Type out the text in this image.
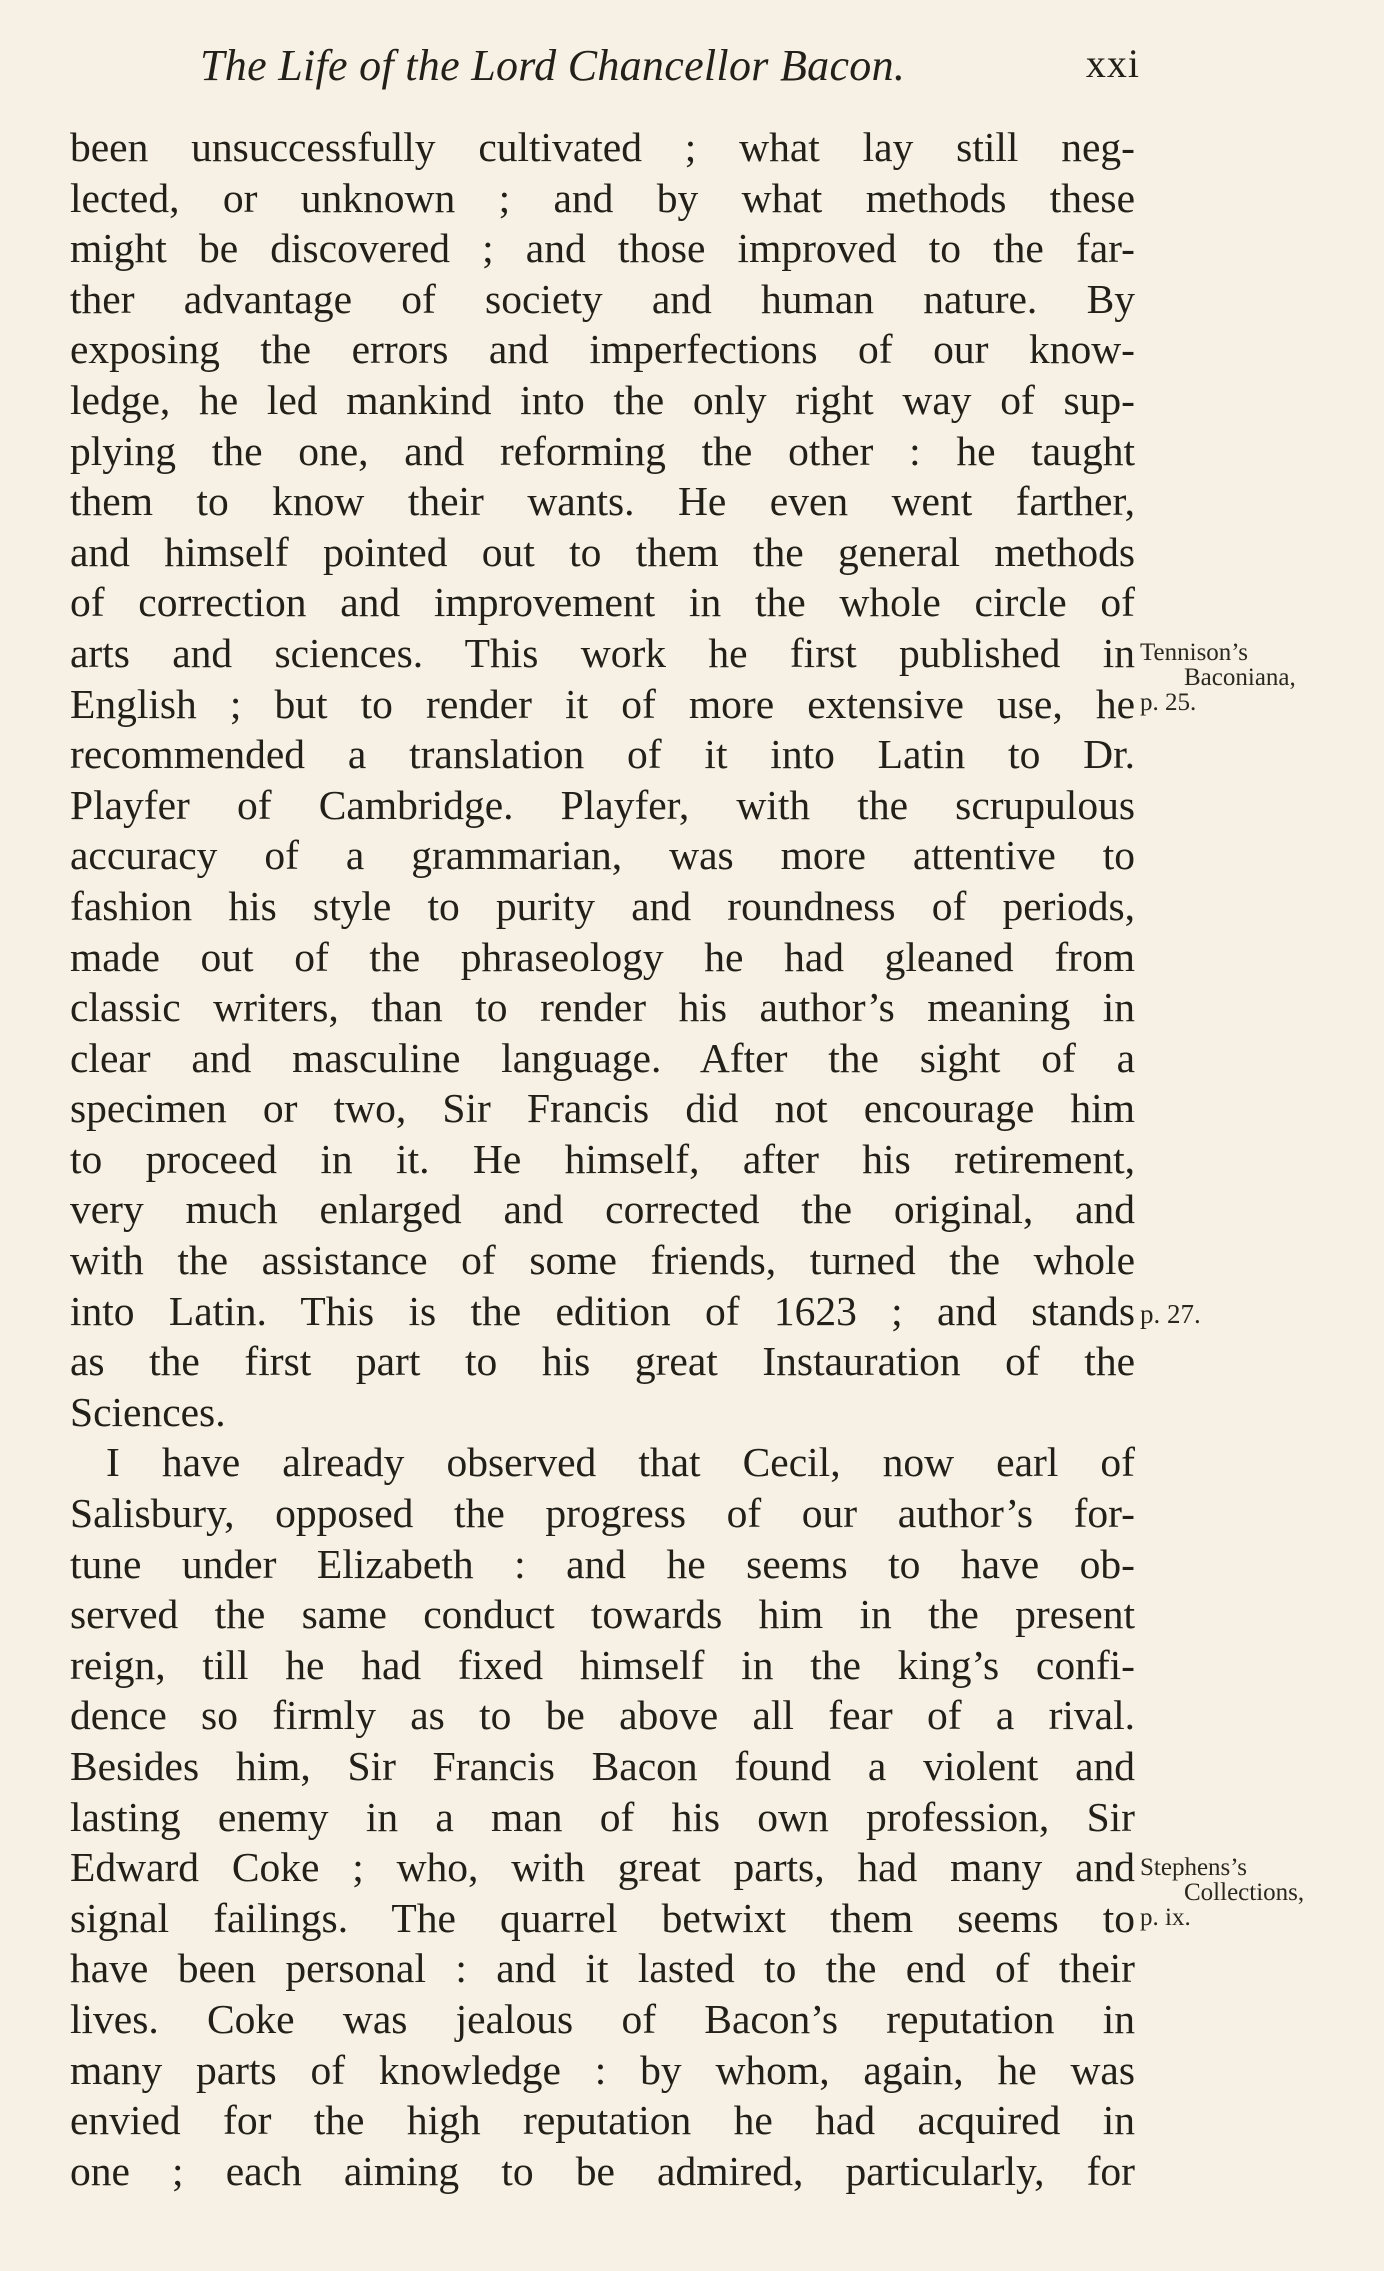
The Life of the Lord Chancellor Bacon.	xxi
been unsuccessfully cultivated ; what lay still neg-
lected, or unknown ; and by what methods these
might be discovered ; and those improved to the far-
ther advantage of society and human nature. By
exposing the errors and imperfections of our know-
ledge, he led mankind into the only right way of sup-
plying the one, and reforming the other : he taught
them to know their wants. He even went farther,
and himself pointed out to them the general methods
of correction and improvement in the whole circle of
arts and sciences. This work he first published in
English ; but to render it of more extensive use, he
recommended a translation of it into Latin to Dr.
Playfer of Cambridge. Playfer, with the scrupulous
accuracy of a grammarian, was more attentive to
fashion his style to purity and roundness of periods,
made out of the phraseology he had gleaned from
classic writers, than to render his author’s meaning in
clear and masculine language. After the sight of a
specimen or two, Sir Francis did not encourage him
to proceed in it. He himself, after his retirement,
very much enlarged and corrected the original, and
with the assistance of some friends, turned the whole
into Latin. This is the edition of 1623 ; and stands
as the first part to his great Instauration of the
Sciences.
I have already observed that Cecil, now earl of
Salisbury, opposed the progress of our author’s for-
tune under Elizabeth : and he seems to have ob-
served the same conduct towards him in the present
reign, till he had fixed himself in the king’s confi-
dence so firmly as to be above all fear of a rival.
Besides him, Sir Francis Bacon found a violent and
lasting enemy in a man of his own profession, Sir
Edward Coke ; who, with great parts, had many and
signal failings. The quarrel betwixt them seems to
have been personal : and it lasted to the end of their
lives. Coke was jealous of Bacon’s reputation in
many parts of knowledge : by whom, again, he was
envied for the high reputation he had acquired in
one ; each aiming to be admired, particularly, for
Tennison’s
Baconiana,
p. 25.
p. 27.
Stephens’s
Collections,
p. ix.
